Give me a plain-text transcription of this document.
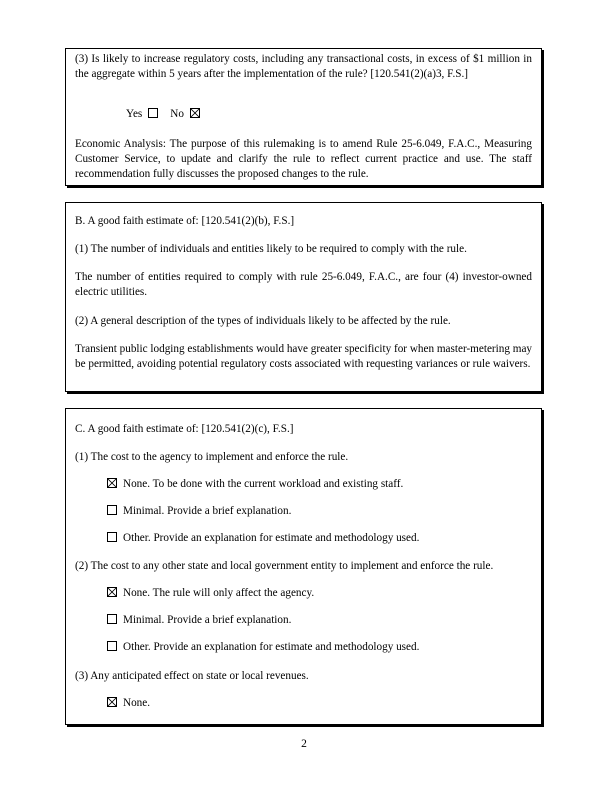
(3) Is likely to increase regulatory costs, including any transactional costs, in excess of $1 million in the aggregate within 5 years after the implementation of the rule? [120.541(2)(a)3, F.S.]

Yes	No

Economic Analysis: The purpose of this rulemaking is to amend Rule 25-6.049, F.A.C., Measuring Customer Service, to update and clarify the rule to reflect current practice and use. The staff recommendation fully discusses the proposed changes to the rule.

B. A good faith estimate of: [120.541(2)(b), F.S.]
(1) The number of individuals and entities likely to be required to comply with the rule.

The number of entities required to comply with rule 25-6.049, F.A.C., are four (4) investor-owned electric utilities.

(2) A general description of the types of individuals likely to be affected by the rule.

Transient public lodging establishments would have greater specificity for when master-metering may be permitted, avoiding potential regulatory costs associated with requesting variances or rule waivers.

C. A good faith estimate of: [120.541(2)(c), F.S.]
(1) The cost to the agency to implement and enforce the rule.
None. To be done with the current workload and existing staff.
Minimal. Provide a brief explanation.
Other. Provide an explanation for estimate and methodology used.
(2) The cost to any other state and local government entity to implement and enforce the rule.
None. The rule will only affect the agency.
Minimal. Provide a brief explanation.
Other. Provide an explanation for estimate and methodology used.
(3) Any anticipated effect on state or local revenues.
None.
2
